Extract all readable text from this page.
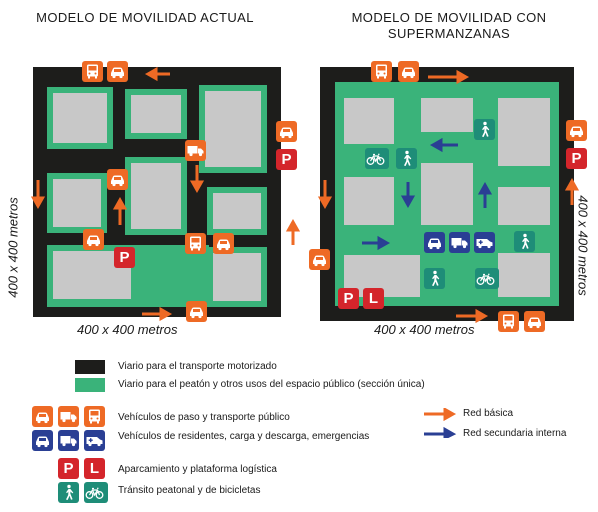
MODELO DE MOVILIDAD ACTUAL	MODELO DE MOVILIDAD CON
SUPERMANZANAS
P
P
400 x 400 metros
400 x 400 metros
P
P	L
400 x 400 metros
400 x 400 metros
Viario para el transporte motorizado
Viario para el peatón y otros usos del espacio público (sección única)
Vehículos de paso y transporte público
Vehículos de residentes, carga y descarga, emergencias
P	L	Aparcamiento y plataforma logística
Tránsito peatonal y de bicicletas
Red básica
Red secundaria interna
